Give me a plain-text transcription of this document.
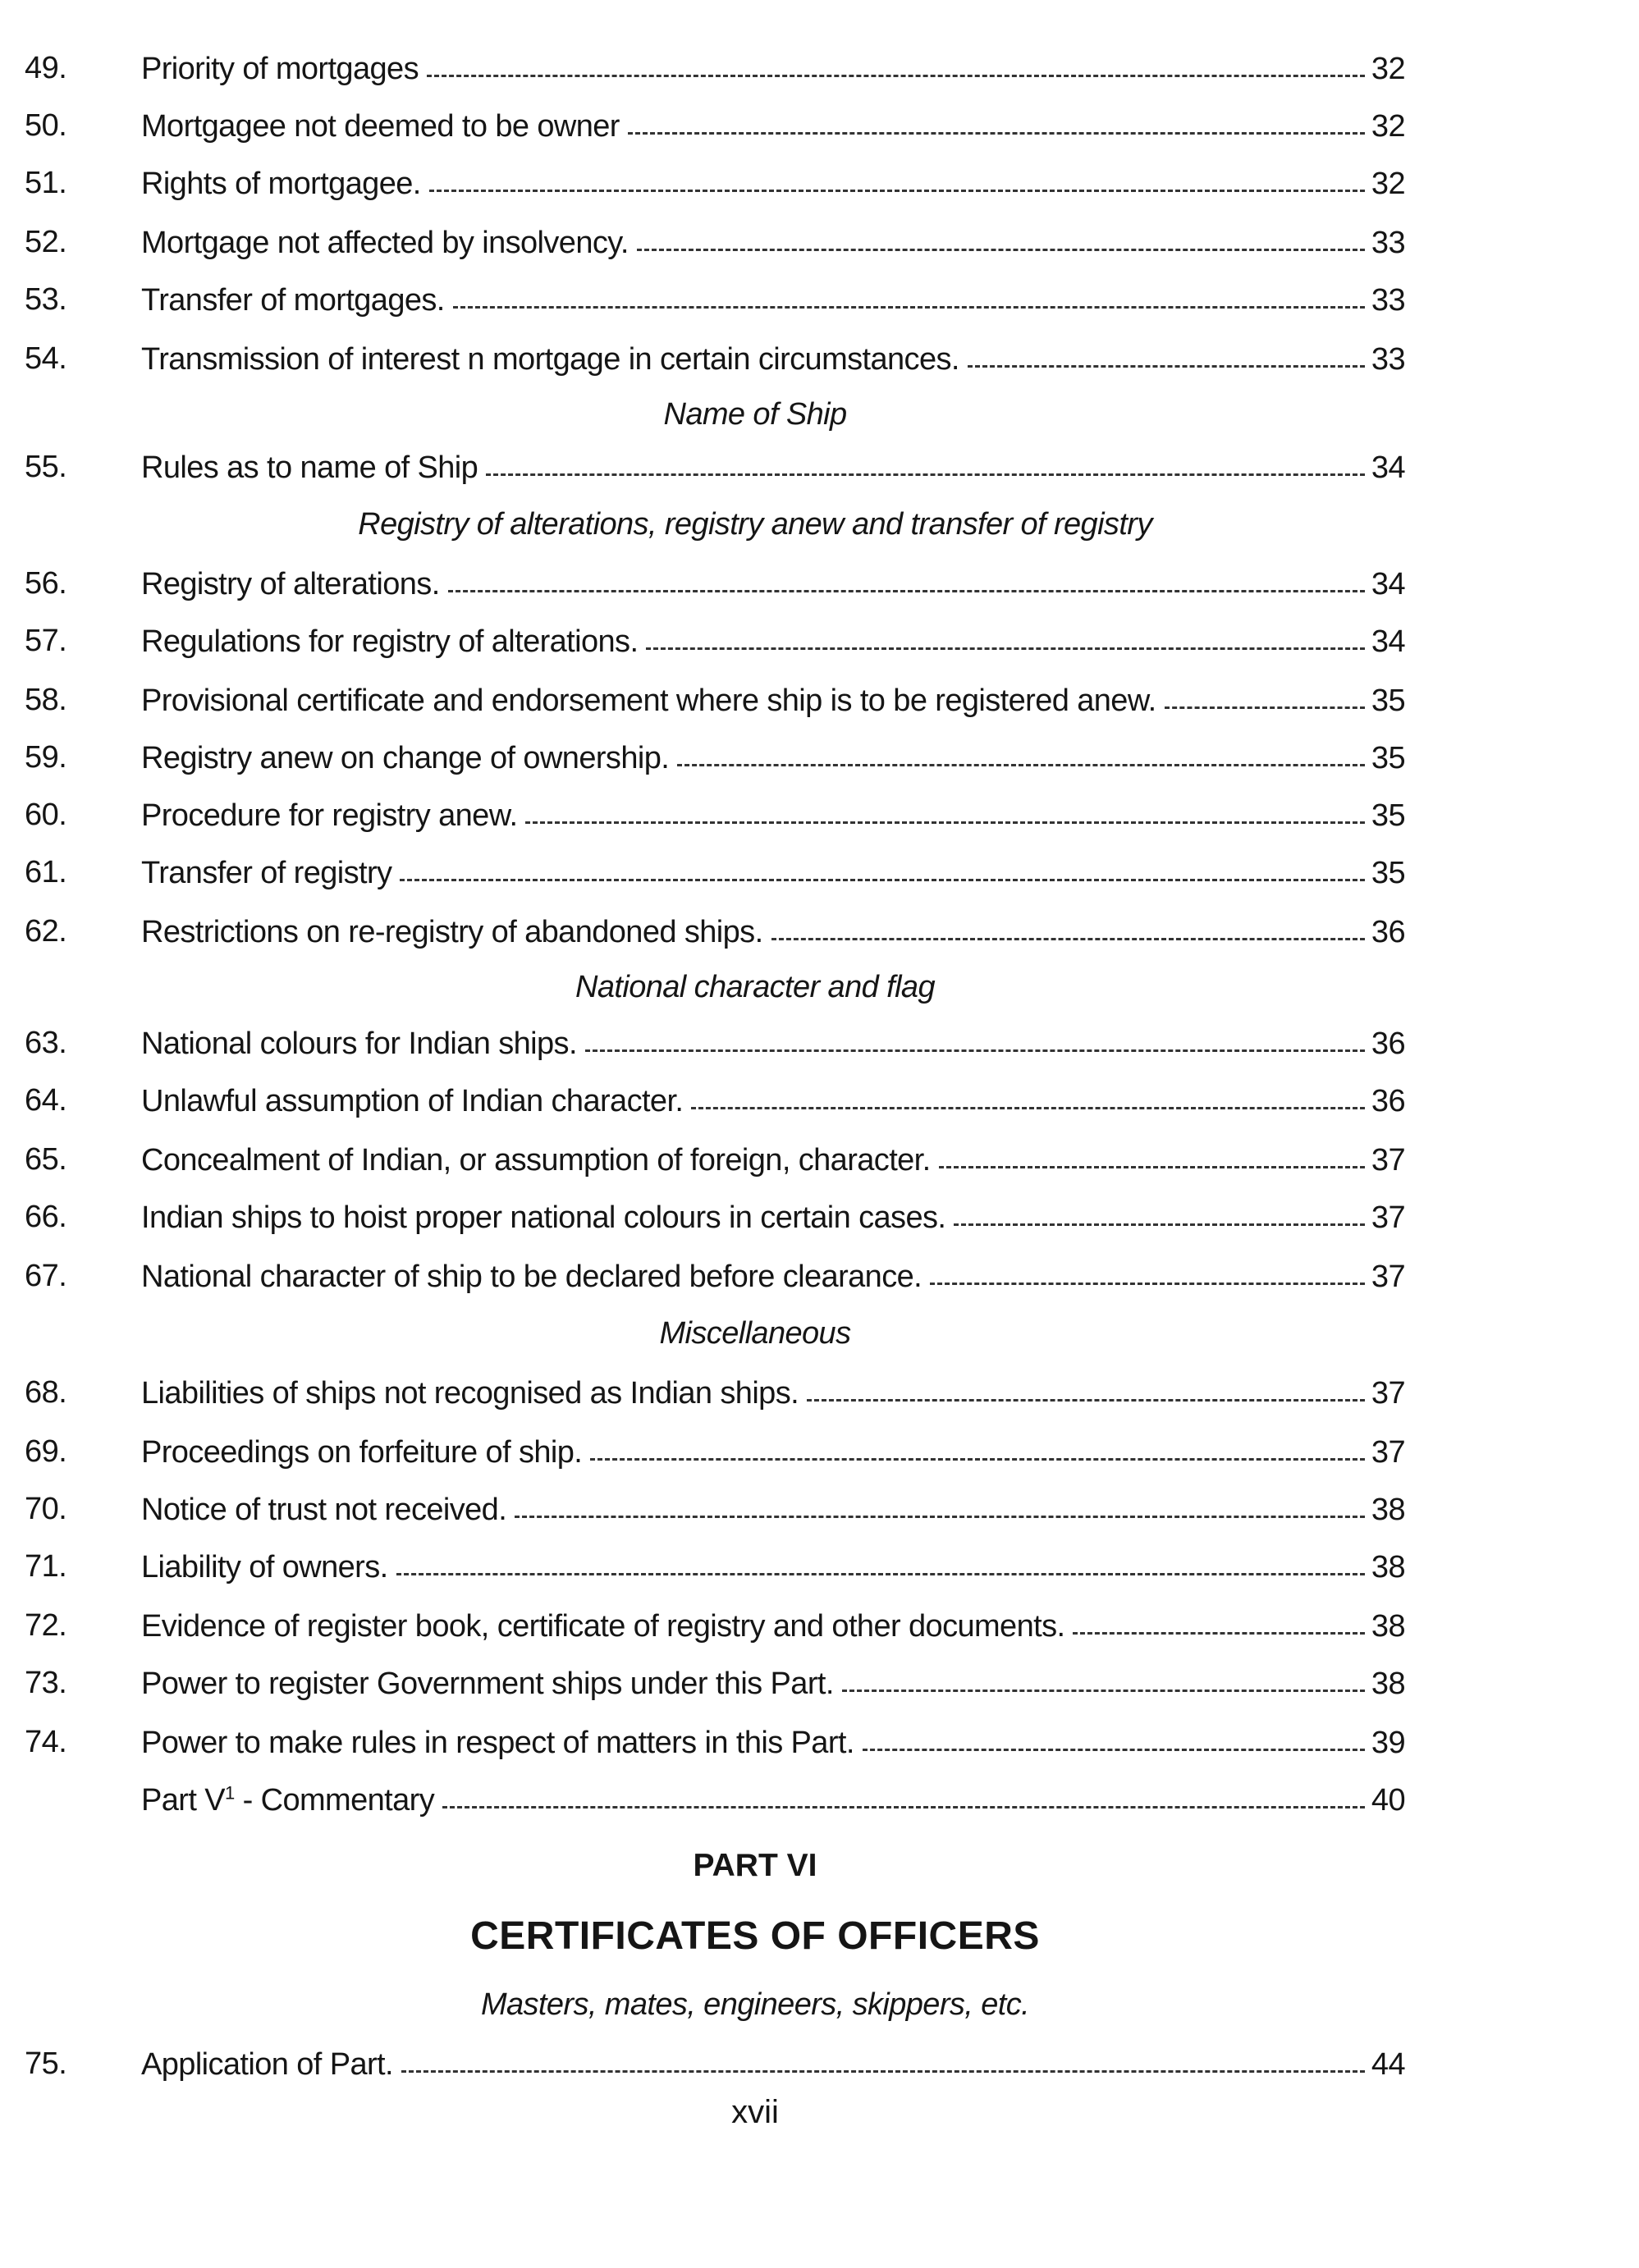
49. Priority of mortgages	32
50. Mortgagee not deemed to be owner	32
51. Rights of mortgagee.	32
52. Mortgage not affected by insolvency.	33
53. Transfer of mortgages.	33
54. Transmission of interest n mortgage in certain circumstances.	33
Name of Ship
55. Rules as to name of Ship	34
Registry of alterations, registry anew and transfer of registry
56. Registry of alterations.	34
57. Regulations for registry of alterations.	34
58. Provisional certificate and endorsement where ship is to be registered anew.	35
59. Registry anew on change of ownership.	35
60. Procedure for registry anew.	35
61. Transfer of registry	35
62. Restrictions on re-registry of abandoned ships.	36
National character and flag
63. National colours for Indian ships.	36
64. Unlawful assumption of Indian character.	36
65. Concealment of Indian, or assumption of foreign, character.	37
66. Indian ships to hoist proper national colours in certain cases.	37
67. National character of ship to be declared before clearance.	37
Miscellaneous
68. Liabilities of ships not recognised as Indian ships.	37
69. Proceedings on forfeiture of ship.	37
70. Notice of trust not received.	38
71. Liability of owners.	38
72. Evidence of register book, certificate of registry and other documents.	38
73. Power to register Government ships under this Part.	38
74. Power to make rules in respect of matters in this Part.	39
Part $V^1$ - Commentary	40
PART VI
CERTIFICATES OF OFFICERS
Masters, mates, engineers, skippers, etc.
75. Application of Part.	44
xvii
